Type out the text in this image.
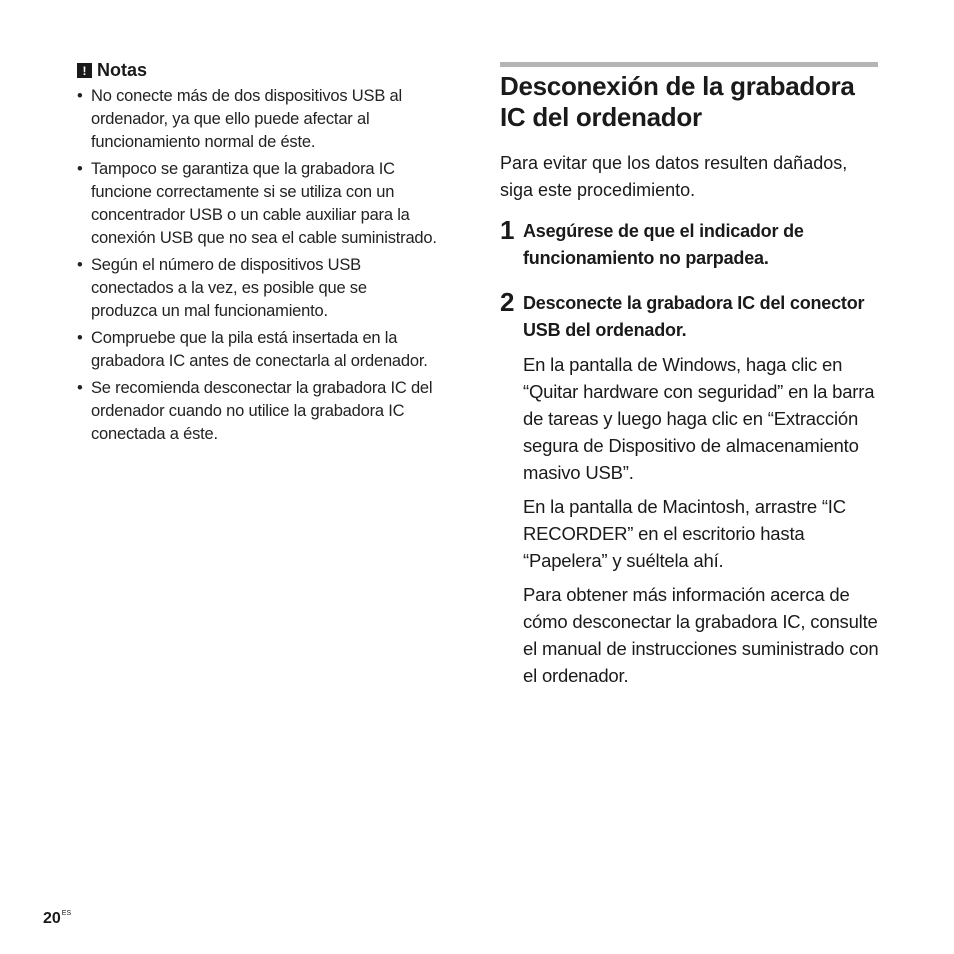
! Notas
• No conecte más de dos dispositivos USB al ordenador, ya que ello puede afectar al funcionamiento normal de éste.
• Tampoco se garantiza que la grabadora IC funcione correctamente si se utiliza con un concentrador USB o un cable auxiliar para la conexión USB que no sea el cable suministrado.
• Según el número de dispositivos USB conectados a la vez, es posible que se produzca un mal funcionamiento.
• Compruebe que la pila está insertada en la grabadora IC antes de conectarla al ordenador.
• Se recomienda desconectar la grabadora IC del ordenador cuando no utilice la grabadora IC conectada a éste.
Desconexión de la grabadora IC del ordenador

Para evitar que los datos resulten dañados, siga este procedimiento.

1 Asegúrese de que el indicador de funcionamiento no parpadea.
2 Desconecte la grabadora IC del conector USB del ordenador.

En la pantalla de Windows, haga clic en “Quitar hardware con seguridad” en la barra de tareas y luego haga clic en “Extracción segura de Dispositivo de almacenamiento masivo USB”.

En la pantalla de Macintosh, arrastre “IC RECORDER” en el escritorio hasta “Papelera” y suéltela ahí.

Para obtener más información acerca de cómo desconectar la grabadora IC, consulte el manual de instrucciones suministrado con el ordenador.

$20^{ES}$
